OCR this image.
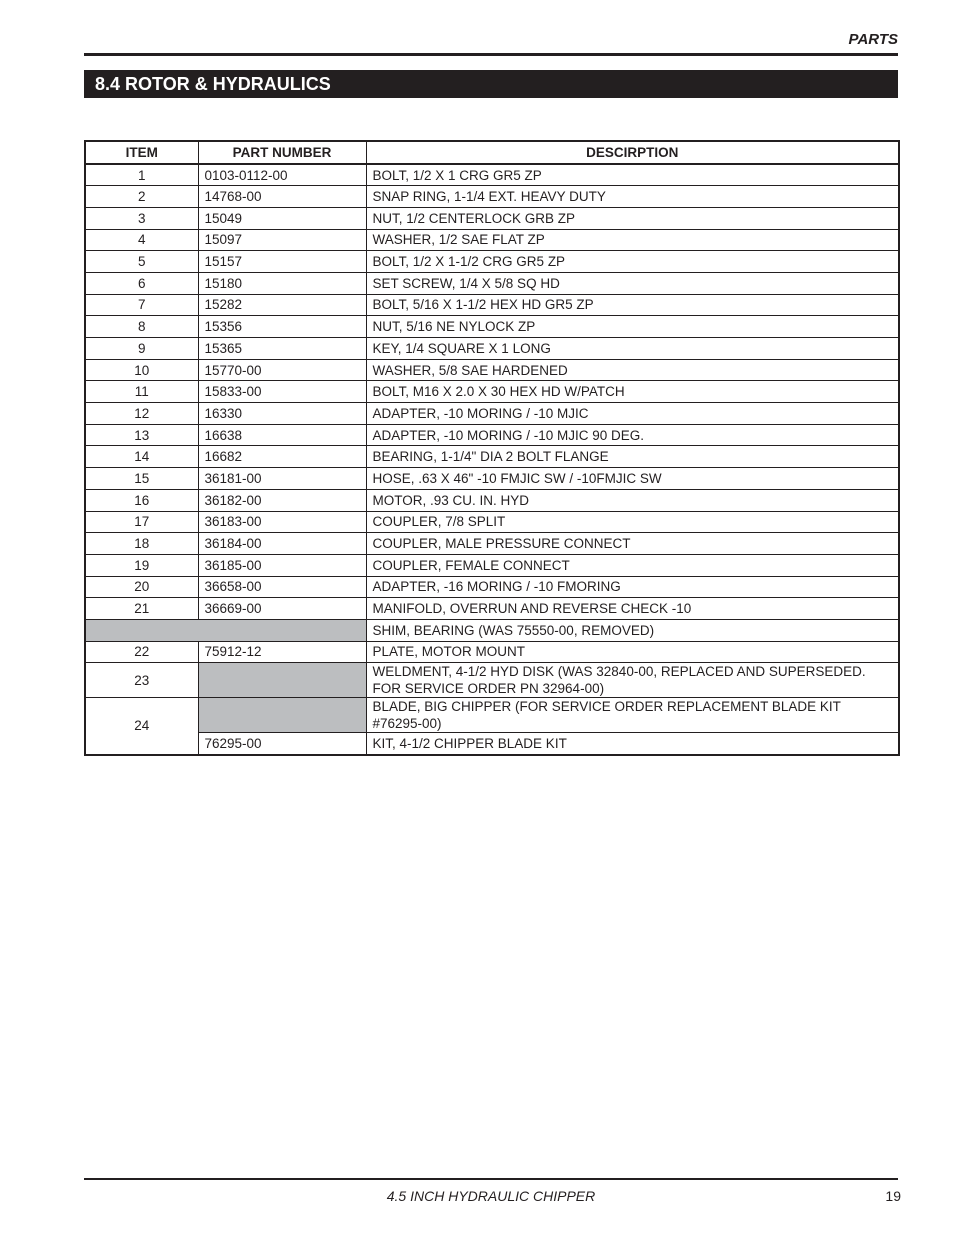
PARTS
8.4 ROTOR & HYDRAULICS
ITEM	PART NUMBER	DESCIRPTION
1	0103-0112-00	BOLT, 1/2 X 1 CRG GR5 ZP
2	14768-00	SNAP RING, 1-1/4 EXT. HEAVY DUTY
3	15049	NUT, 1/2 CENTERLOCK GRB ZP
4	15097	WASHER, 1/2 SAE FLAT ZP
5	15157	BOLT, 1/2 X 1-1/2 CRG GR5 ZP
6	15180	SET SCREW, 1/4 X 5/8 SQ HD
7	15282	BOLT, 5/16 X 1-1/2 HEX HD GR5 ZP
8	15356	NUT, 5/16 NE NYLOCK ZP
9	15365	KEY, 1/4 SQUARE X 1 LONG
10	15770-00	WASHER, 5/8 SAE HARDENED
11	15833-00	BOLT, M16 X 2.0 X 30 HEX HD W/PATCH
12	16330	ADAPTER, -10 MORING / -10 MJIC
13	16638	ADAPTER, -10 MORING / -10 MJIC 90 DEG.
14	16682	BEARING, 1-1/4" DIA 2 BOLT FLANGE
15	36181-00	HOSE, .63 X 46" -10 FMJIC SW / -10FMJIC SW
16	36182-00	MOTOR, .93 CU. IN. HYD
17	36183-00	COUPLER, 7/8 SPLIT
18	36184-00	COUPLER, MALE PRESSURE CONNECT
19	36185-00	COUPLER, FEMALE CONNECT
20	36658-00	ADAPTER, -16 MORING / -10 FMORING
21	36669-00	MANIFOLD, OVERRUN AND REVERSE CHECK -10
		SHIM, BEARING (WAS 75550-00, REMOVED)
22	75912-12	PLATE, MOTOR MOUNT
23		WELDMENT, 4-1/2 HYD DISK (WAS 32840-00, REPLACED AND SUPERSEDED. FOR SERVICE ORDER PN 32964-00)
24		BLADE, BIG CHIPPER (FOR SERVICE ORDER REPLACEMENT BLADE KIT #76295-00)
	76295-00	KIT, 4-1/2 CHIPPER BLADE KIT
4.5 INCH HYDRAULIC CHIPPER	19
